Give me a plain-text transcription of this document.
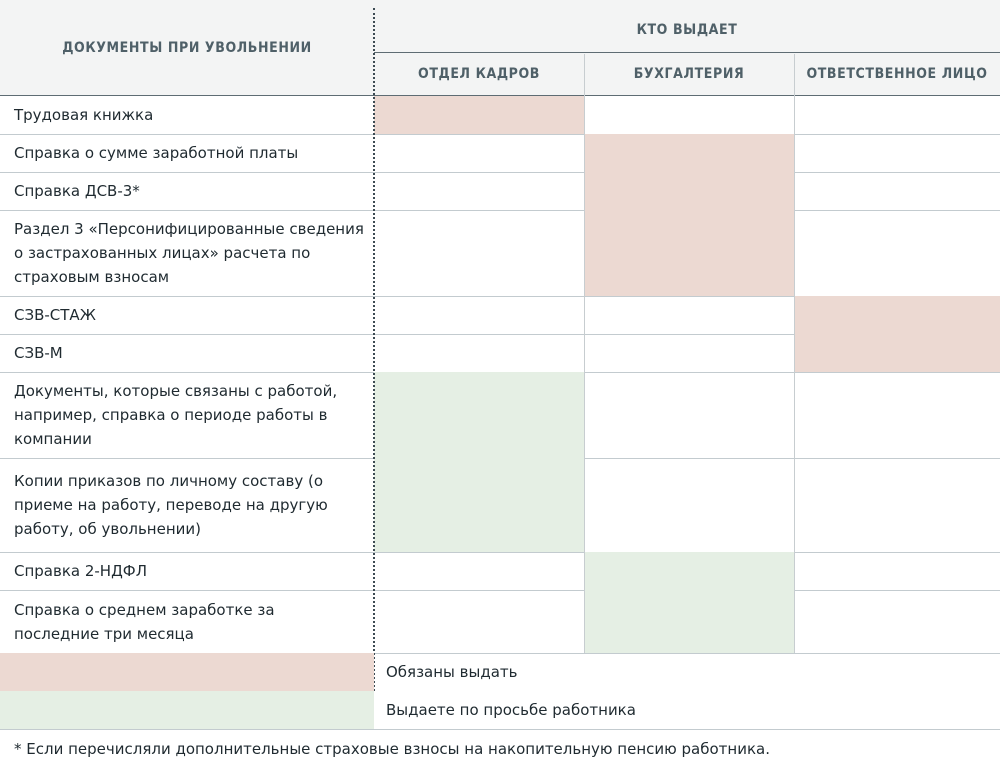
ДОКУМЕНТЫ ПРИ УВОЛЬНЕНИИ
КТО ВЫДАЕТ
ОТДЕЛ КАДРОВ	БУХГАЛТЕРИЯ	ОТВЕТСТВЕННОЕ ЛИЦО
Трудовая книжка
Справка о сумме заработной платы
Справка ДСВ-3*
Раздел 3 «Персонифицированные сведения о застрахованных лицах» расчета по страховым взносам
СЗВ-СТАЖ
СЗВ-М
Документы, которые связаны с работой, например, справка о периоде работы в компании
Копии приказов по личному составу (о приеме на работу, переводе на другую работу, об увольнении)
Справка 2-НДФЛ
Справка о среднем заработке за последние три месяца
Обязаны выдать
Выдаете по просьбе работника
* Если перечисляли дополнительные страховые взносы на накопительную пенсию работника.
